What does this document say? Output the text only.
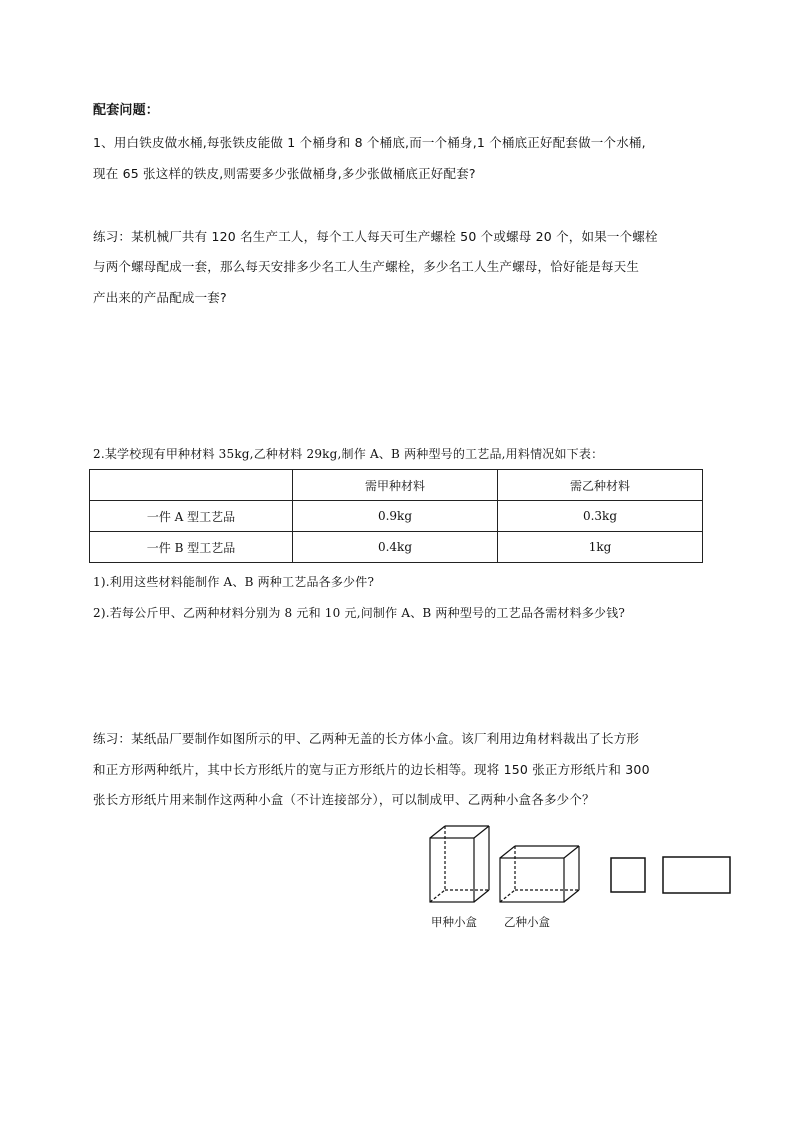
配套问题：
1、用白铁皮做水桶,每张铁皮能做 1 个桶身和 8 个桶底,而一个桶身,1 个桶底正好配套做一个水桶,
现在 65 张这样的铁皮,则需要多少张做桶身,多少张做桶底正好配套?
练习：某机械厂共有 120 名生产工人，每个工人每天可生产螺栓 50 个或螺母 20 个，如果一个螺栓
与两个螺母配成一套，那么每天安排多少名工人生产螺栓，多少名工人生产螺母，恰好能是每天生
产出来的产品配成一套?
2.某学校现有甲种材料 35kg,乙种材料 29kg,制作 A、B 两种型号的工艺品,用料情况如下表：
	需甲种材料	需乙种材料
一件 A 型工艺品	0.9kg	0.3kg
一件 B 型工艺品	0.4kg	1kg
1).利用这些材料能制作 A、B 两种工艺品各多少件?
2).若每公斤甲、乙两种材料分别为 8 元和 10 元,问制作 A、B 两种型号的工艺品各需材料多少钱?
练习：某纸品厂要制作如图所示的甲、乙两种无盖的长方体小盒。该厂利用边角材料裁出了长方形
和正方形两种纸片，其中长方形纸片的宽与正方形纸片的边长相等。现将 150 张正方形纸片和 300
张长方形纸片用来制作这两种小盒（不计连接部分），可以制成甲、乙两种小盒各多少个？
甲种小盒 乙种小盒
